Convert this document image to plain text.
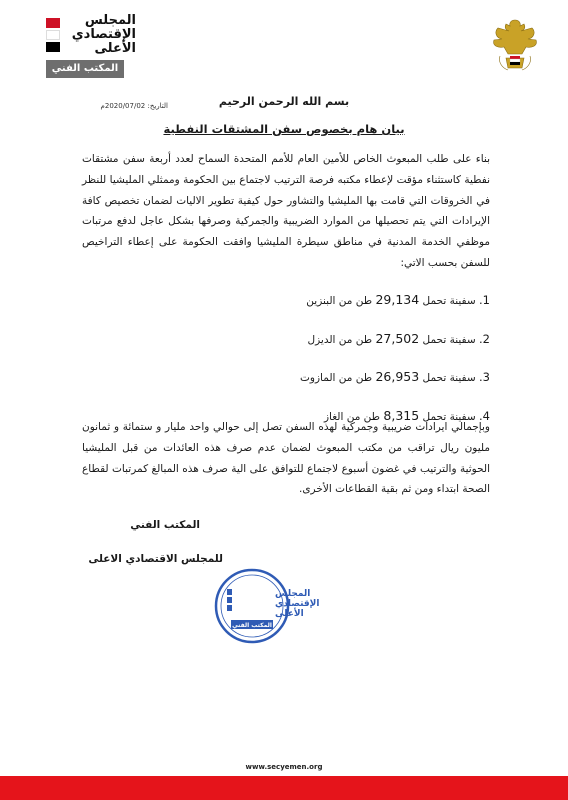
المجلس
الإقتصادي
الأعلى
المكتب الفني
بسم الله الرحمن الرحيم
التاريخ: 2020/07/02م
بيان هام بخصوص سفن المشتقات النفطية
بناء على طلب المبعوث الخاص للأمين العام للأمم المتحدة السماح لعدد أربعة سفن مشتقات نفطية كاستثناء مؤقت لإعطاء مكتبه فرصة الترتيب لاجتماع بين الحكومة وممثلي المليشيا للنظر في الخروقات التي قامت بها المليشيا والتشاور حول كيفية تطوير الاليات لضمان تخصيص كافة الإيرادات التي يتم تحصيلها من الموارد الضريبية والجمركية وصرفها بشكل عاجل لدفع مرتبات موظفي الخدمة المدنية في مناطق سيطرة المليشيا وافقت الحكومة على إعطاء التراخيص للسفن بحسب الاتي:
1. سفينة تحمل 29,134 طن من البنزين
2. سفينة تحمل 27,502 طن من الديزل
3. سفينة تحمل 26,953 طن من المازوت
4. سفينة تحمل 8,315 طن من الغاز
وبإجمالي ايرادات ضريبية وجمركية لهذه السفن تصل إلى حوالي واحد مليار و ستمائة و ثمانون مليون ريال تراقب من مكتب المبعوث لضمان عدم صرف هذه العائدات من قبل المليشيا الحوثية والترتيب في غضون أسبوع لاجتماع للتوافق على الية صرف هذه المبالغ كمرتبات لقطاع الصحة ابتداء ومن ثم بقية القطاعات الأخرى.
المكتب الفني
للمجلس الاقتصادي الاعلى
المجلس
الإقتصادي
الأعلى
المكتب الفني
www.secyemen.org
